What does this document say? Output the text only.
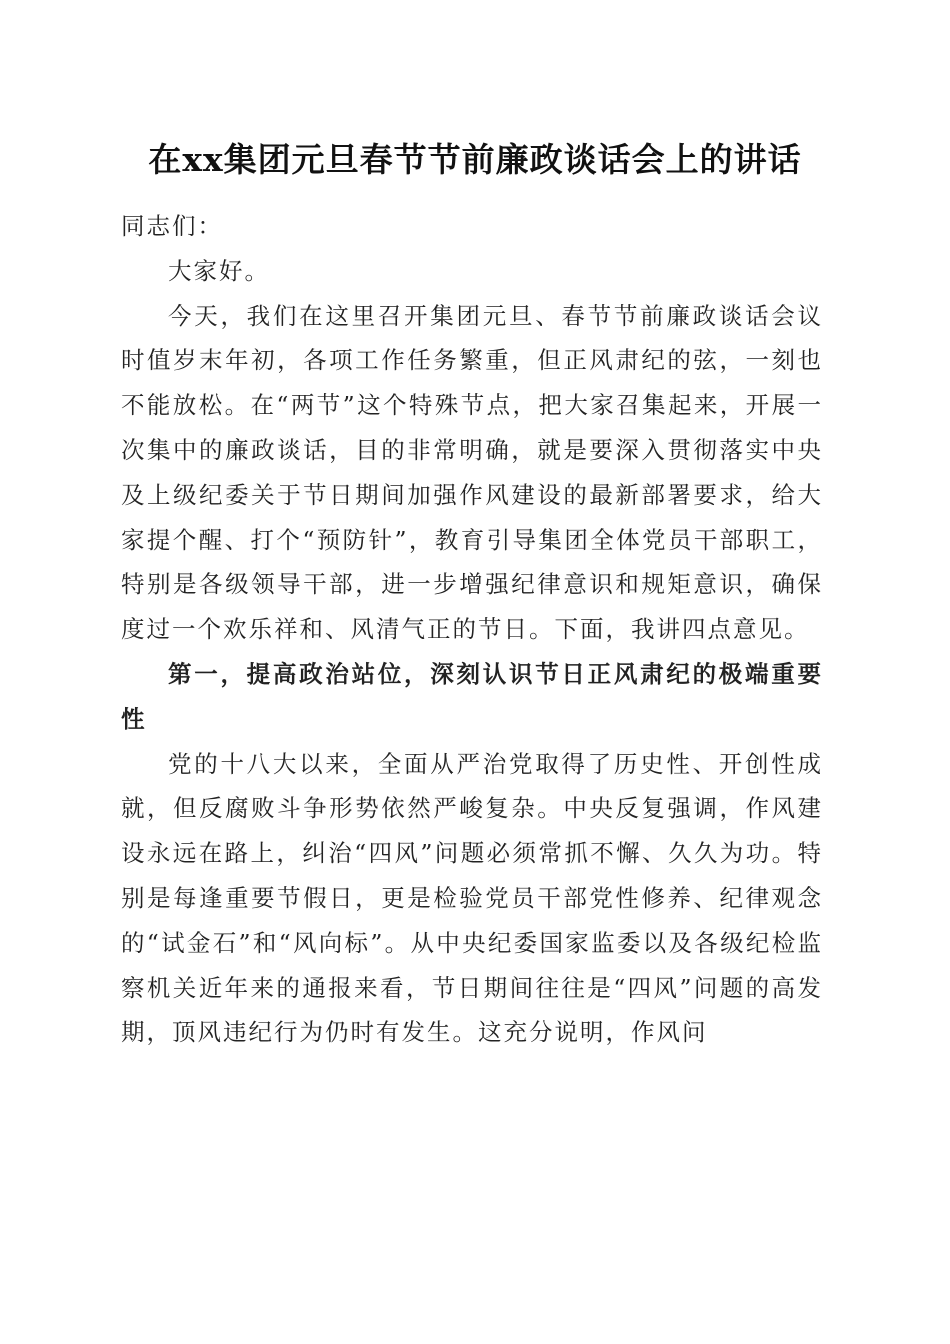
在xx集团元旦春节节前廉政谈话会上的讲话

同志们：

大家好。

今天，我们在这里召开集团元旦、春节节前廉政谈话会议时值岁末年初，各项工作任务繁重，但正风肃纪的弦，一刻也不能放松。在“两节”这个特殊节点，把大家召集起来，开展一次集中的廉政谈话，目的非常明确，就是要深入贯彻落实中央及上级纪委关于节日期间加强作风建设的最新部署要求，给大家提个醒、打个“预防针”，教育引导集团全体党员干部职工，特别是各级领导干部，进一步增强纪律意识和规矩意识，确保度过一个欢乐祥和、风清气正的节日。下面，我讲四点意见。

第一，提高政治站位，深刻认识节日正风肃纪的极端重要性

党的十八大以来，全面从严治党取得了历史性、开创性成就，但反腐败斗争形势依然严峻复杂。中央反复强调，作风建设永远在路上，纠治“四风”问题必须常抓不懈、久久为功。特别是每逢重要节假日，更是检验党员干部党性修养、纪律观念的“试金石”和“风向标”。从中央纪委国家监委以及各级纪检监察机关近年来的通报来看，节日期间往往是“四风”问题的高发期，顶风违纪行为仍时有发生。这充分说明，作风问
